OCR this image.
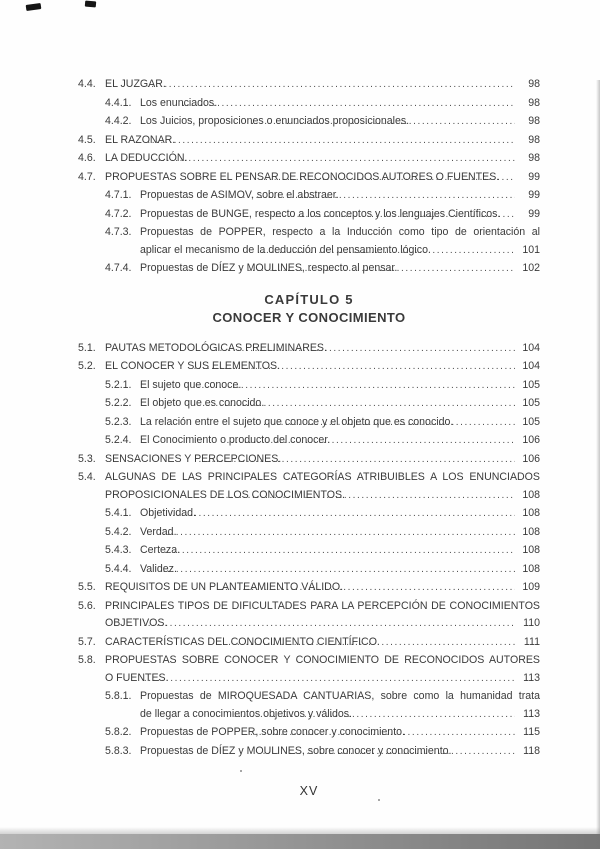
4.4. EL JUZGAR. .....	98
4.4.1. Los enunciados. .....	98
4.4.2. Los Juicios, proposiciones o enunciados proposicionales. .....	98
4.5. EL RAZONAR. .....	98
4.6. LA DEDUCCIÓN. .....	98
4.7. PROPUESTAS SOBRE EL PENSAR DE RECONOCIDOS AUTORES O FUENTES. .....	99
4.7.1. Propuestas de ASIMOV, sobre el abstraer. .....	99
4.7.2. Propuestas de BUNGE, respecto a los conceptos y los lenguajes Científicos. .....	99
4.7.3. Propuestas de POPPER, respecto a la Inducción como tipo de orientación al
aplicar el mecanismo de la deducción del pensamiento lógico. .....	101
4.7.4. Propuestas de DÍEZ y MOULINES, respecto al pensar. .....	102
CAPÍTULO 5
CONOCER Y CONOCIMIENTO
5.1. PAUTAS METODOLÓGICAS PRELIMINARES. .....	104
5.2. EL CONOCER Y SUS ELEMENTOS. .....	104
5.2.1. El sujeto que conoce. .....	105
5.2.2. El objeto que es conocido. .....	105
5.2.3. La relación entre el sujeto que conoce y el objeto que es conocido. .....	105
5.2.4. El Conocimiento o producto del conocer. .....	106
5.3. SENSACIONES Y PERCEPCIONES. .....	106
5.4. ALGUNAS DE LAS PRINCIPALES CATEGORÍAS ATRIBUIBLES A LOS ENUNCIADOS
PROPOSICIONALES DE LOS CONOCIMIENTOS. .....	108
5.4.1. Objetividad. .....	108
5.4.2. Verdad. .....	108
5.4.3. Certeza. .....	108
5.4.4. Validez. .....	108
5.5. REQUISITOS DE UN PLANTEAMIENTO VÁLIDO. .....	109
5.6. PRINCIPALES TIPOS DE DIFICULTADES PARA LA PERCEPCIÓN DE CONOCIMIENTOS
OBJETIVOS. .....	110
5.7. CARACTERÍSTICAS DEL CONOCIMIENTO CIENTÍFICO. .....	111
5.8. PROPUESTAS SOBRE CONOCER Y CONOCIMIENTO DE RECONOCIDOS AUTORES
O FUENTES. .....	113
5.8.1. Propuestas de MIROQUESADA CANTUARIAS, sobre como la humanidad trata
de llegar a conocimientos objetivos y válidos. .....	113
5.8.2. Propuestas de POPPER, sobre conocer y conocimiento. .....	115
5.8.3. Propuestas de DÍEZ y MOULINES, sobre conocer y conocimiento. .....	118
XV
